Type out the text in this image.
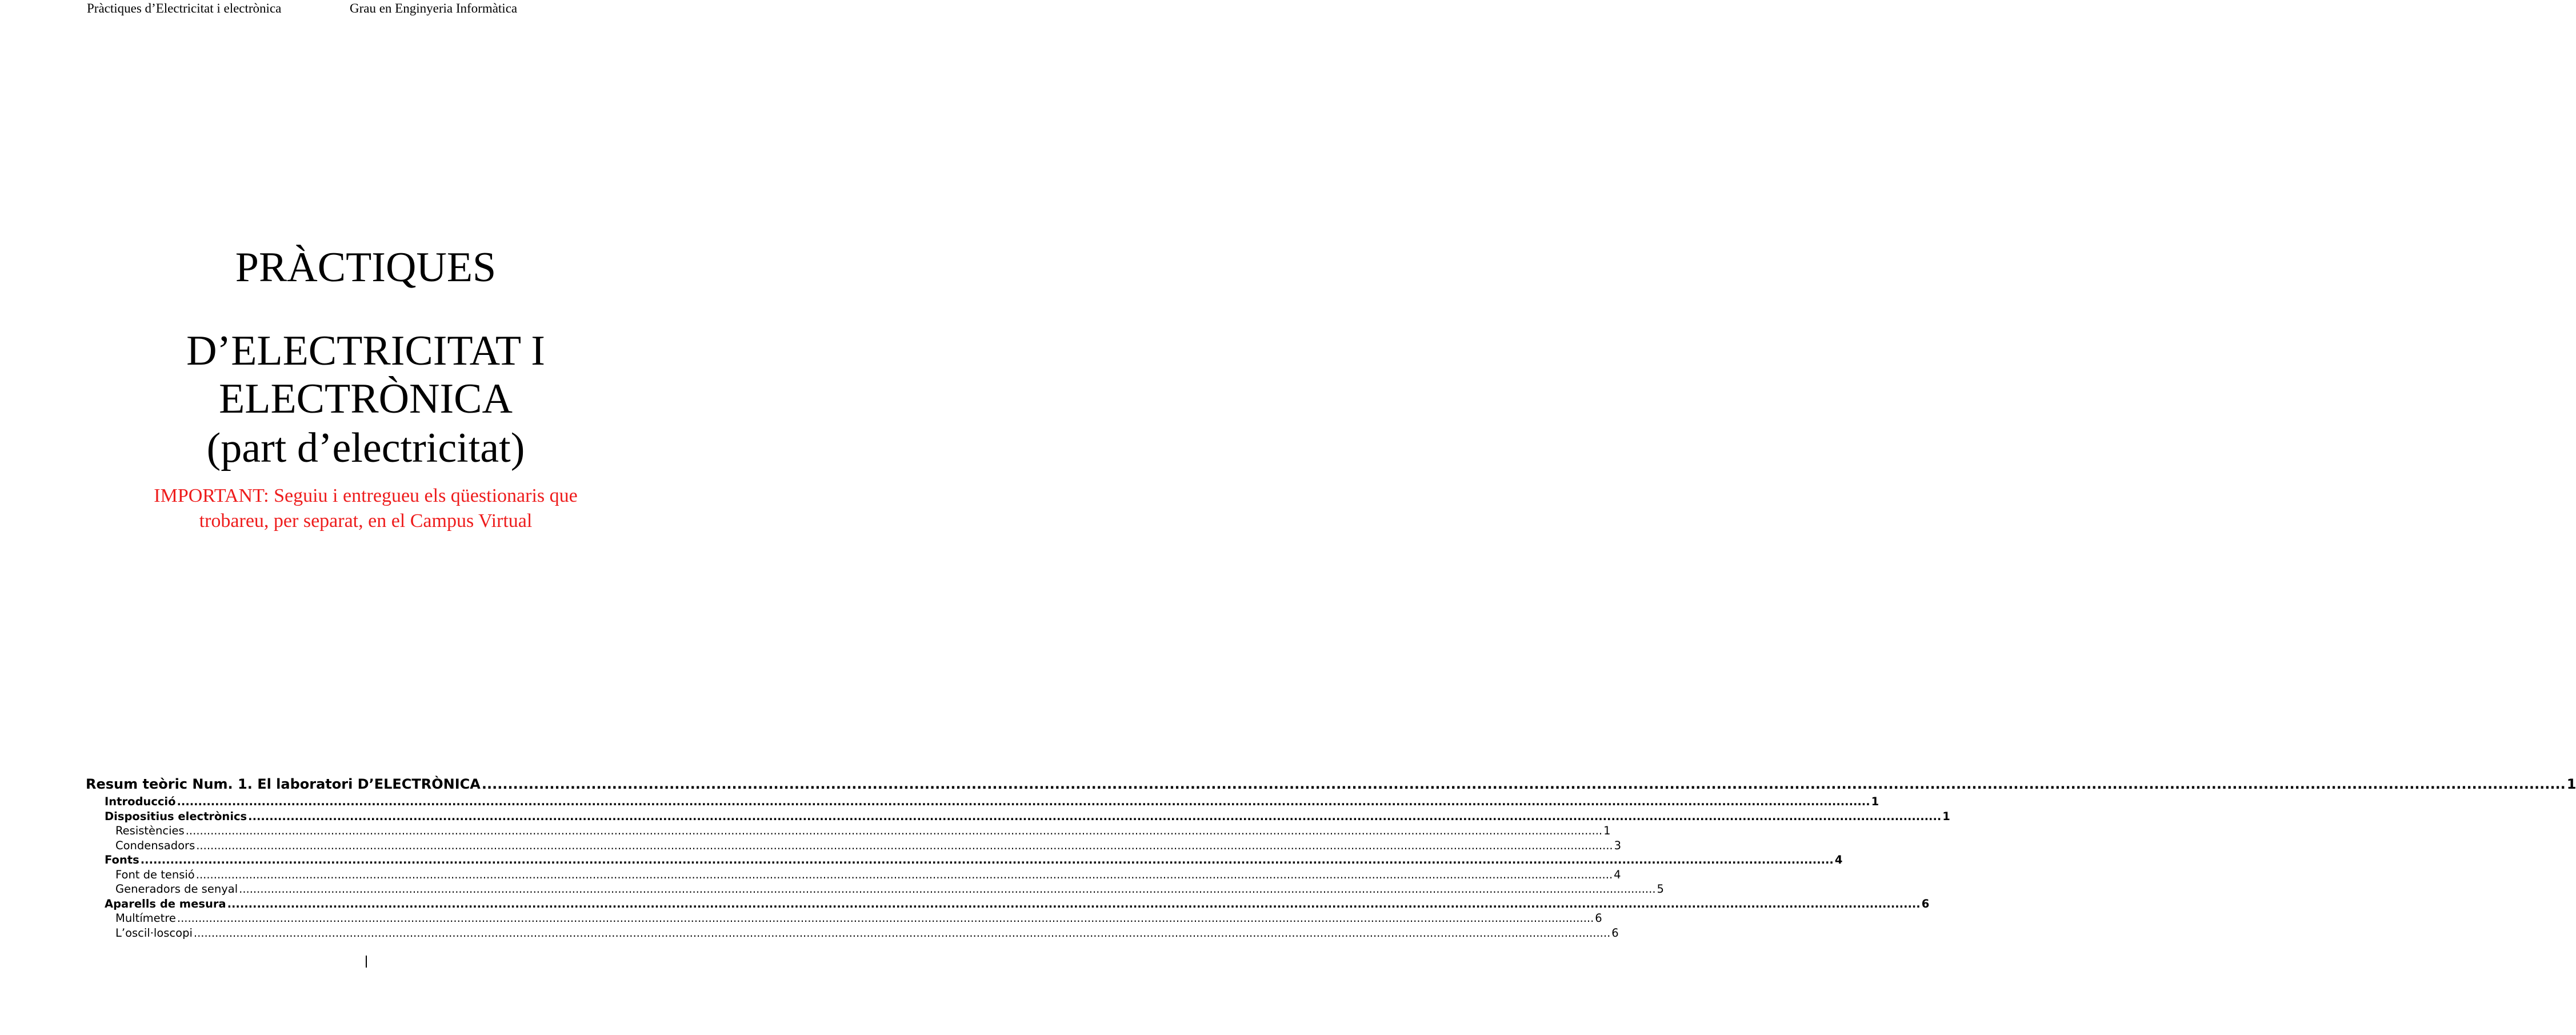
Pràctiques d’Electricitat i electrònica	Grau en Enginyeria Informàtica
PRÀCTIQUES
D’ELECTRICITAT I
ELECTRÒNICA
(part d’electricitat)
IMPORTANT: Seguiu i entregueu els qüestionaris que
trobareu, per separat, en el Campus Virtual
Resum teòric Num. 1. El laboratori D’ELECTRÒNICA ................................................................................................................................................................................................................................................................................................................................................................................................................ 1
Introducció ................................................................................................................................................................................................................................................................................................................................................................................................................ 1
Dispositius electrònics ................................................................................................................................................................................................................................................................................................................................................................................................................ 1
Resistències ................................................................................................................................................................................................................................................................................................................................................................................................................ 1
Condensadors ................................................................................................................................................................................................................................................................................................................................................................................................................ 3
Fonts ................................................................................................................................................................................................................................................................................................................................................................................................................ 4
Font de tensió ................................................................................................................................................................................................................................................................................................................................................................................................................ 4
Generadors de senyal ................................................................................................................................................................................................................................................................................................................................................................................................................ 5
Aparells de mesura ................................................................................................................................................................................................................................................................................................................................................................................................................ 6
Multímetre ................................................................................................................................................................................................................................................................................................................................................................................................................ 6
L’oscil·loscopi ................................................................................................................................................................................................................................................................................................................................................................................................................ 6
